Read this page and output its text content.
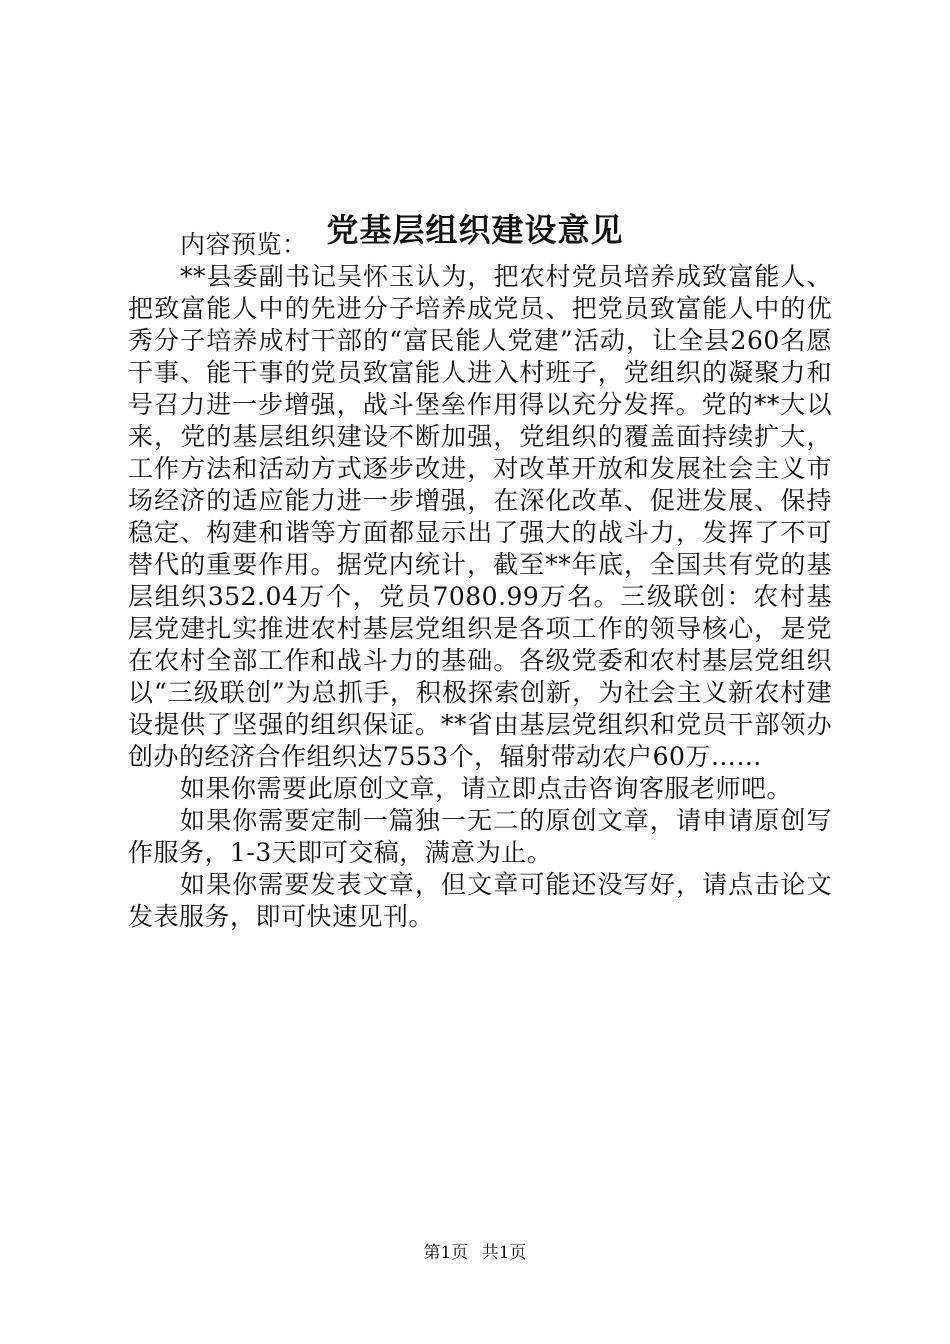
党基层组织建设意见

内容预览：

**县委副书记吴怀玉认为，把农村党员培养成致富能人、把致富能人中的先进分子培养成党员、把党员致富能人中的优秀分子培养成村干部的“富民能人党建”活动，让全县260名愿干事、能干事的党员致富能人进入村班子，党组织的凝聚力和号召力进一步增强，战斗堡垒作用得以充分发挥。党的**大以来，党的基层组织建设不断加强，党组织的覆盖面持续扩大，工作方法和活动方式逐步改进，对改革开放和发展社会主义市场经济的适应能力进一步增强，在深化改革、促进发展、保持稳定、构建和谐等方面都显示出了强大的战斗力，发挥了不可替代的重要作用。据党内统计，截至**年底，全国共有党的基层组织352.04万个，党员7080.99万名。三级联创：农村基层党建扎实推进农村基层党组织是各项工作的领导核心，是党在农村全部工作和战斗力的基础。各级党委和农村基层党组织以“三级联创”为总抓手，积极探索创新，为社会主义新农村建设提供了坚强的组织保证。**省由基层党组织和党员干部领办创办的经济合作组织达7553个，辐射带动农户60万……

如果你需要此原创文章，请立即点击咨询客服老师吧。

如果你需要定制一篇独一无二的原创文章，请申请原创写作服务，1-3天即可交稿，满意为止。

如果你需要发表文章，但文章可能还没写好，请点击论文发表服务，即可快速见刊。

第1页 共1页
